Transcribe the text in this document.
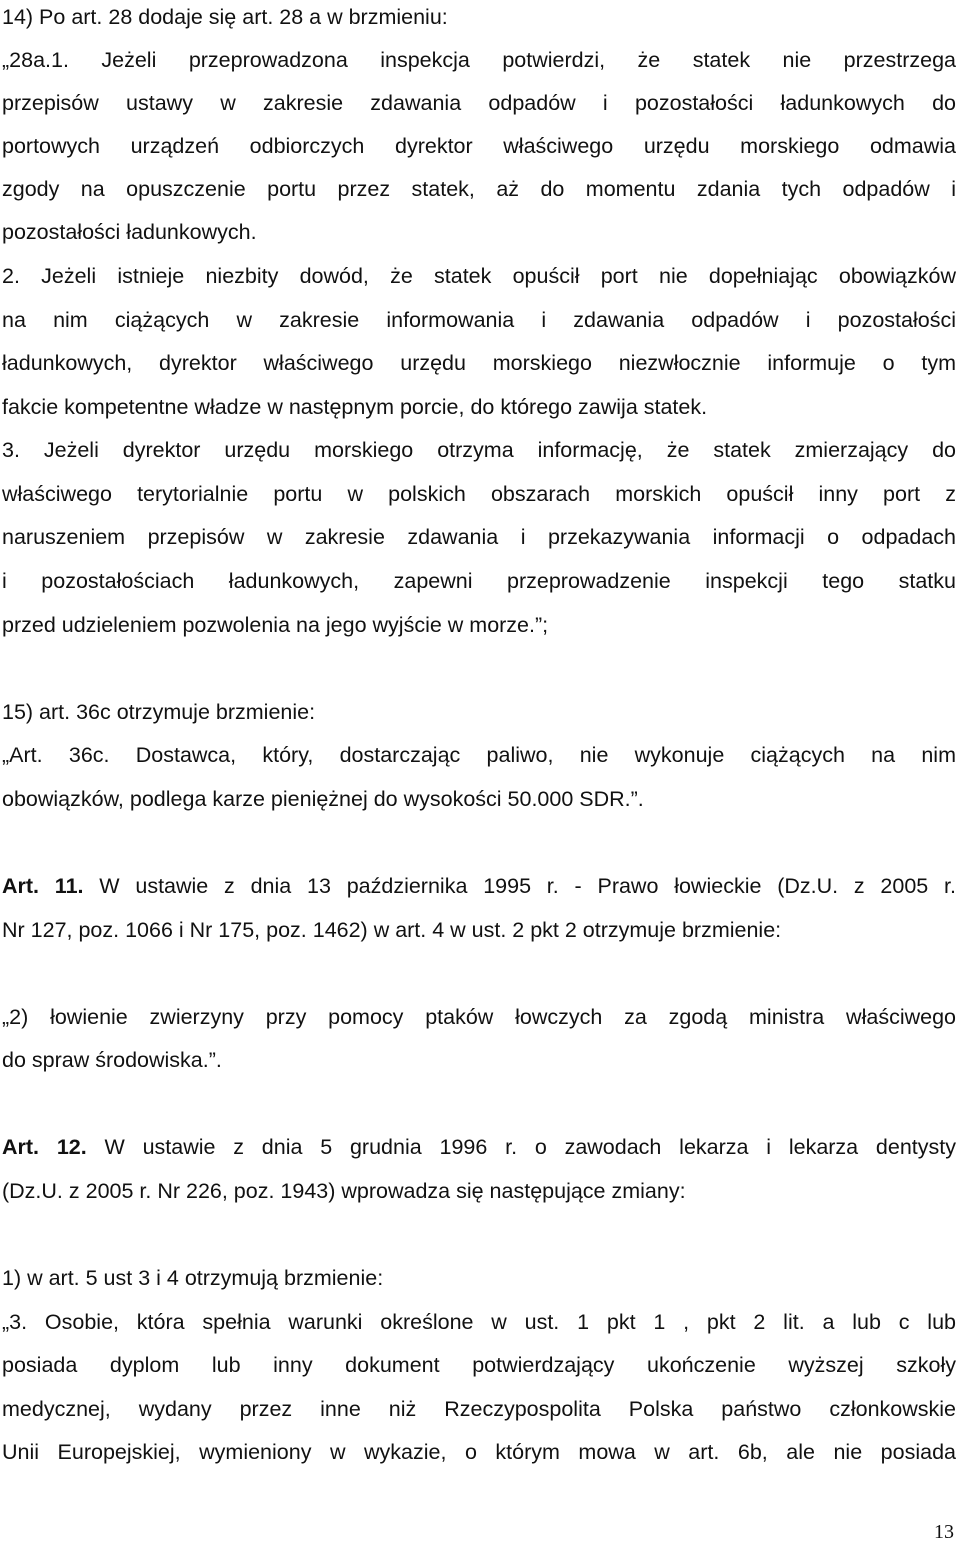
14) Po art. 28 dodaje się art. 28 a w brzmieniu:
„28a.1. Jeżeli przeprowadzona inspekcja potwierdzi, że statek nie przestrzega
przepisów ustawy w zakresie zdawania odpadów i pozostałości ładunkowych do
portowych urządzeń odbiorczych dyrektor właściwego urzędu morskiego odmawia
zgody na opuszczenie portu przez statek, aż do momentu zdania tych odpadów i
pozostałości ładunkowych.
2. Jeżeli istnieje niezbity dowód, że statek opuścił port nie dopełniając obowiązków
na nim ciążących w zakresie informowania i zdawania odpadów i pozostałości
ładunkowych, dyrektor właściwego urzędu morskiego niezwłocznie informuje o tym
fakcie kompetentne władze w następnym porcie, do którego zawija statek.
3. Jeżeli dyrektor urzędu morskiego otrzyma informację, że statek zmierzający do
właściwego terytorialnie portu w polskich obszarach morskich opuścił inny port z
naruszeniem przepisów w zakresie zdawania i przekazywania informacji o odpadach
i pozostałościach ładunkowych, zapewni przeprowadzenie inspekcji tego statku
przed udzieleniem pozwolenia na jego wyjście w morze.”;
15) art. 36c otrzymuje brzmienie:
„Art. 36c. Dostawca, który, dostarczając paliwo, nie wykonuje ciążących na nim
obowiązków, podlega karze pieniężnej do wysokości 50.000 SDR.”.
Art. 11. W ustawie z dnia 13 października 1995 r. - Prawo łowieckie (Dz.U. z 2005 r.
Nr 127, poz. 1066 i Nr 175, poz. 1462) w art. 4 w ust. 2 pkt 2 otrzymuje brzmienie:
„2) łowienie zwierzyny przy pomocy ptaków łowczych za zgodą ministra właściwego
do spraw środowiska.”.
Art. 12. W ustawie z dnia 5 grudnia 1996 r. o zawodach lekarza i lekarza dentysty
(Dz.U. z 2005 r. Nr 226, poz. 1943) wprowadza się następujące zmiany:
1) w art. 5 ust 3 i 4 otrzymują brzmienie:
„3. Osobie, która spełnia warunki określone w ust. 1 pkt 1 , pkt 2 lit. a lub c lub
posiada dyplom lub inny dokument potwierdzający ukończenie wyższej szkoły
medycznej, wydany przez inne niż Rzeczypospolita Polska państwo członkowskie
Unii Europejskiej, wymieniony w wykazie, o którym mowa w art. 6b, ale nie posiada
13
